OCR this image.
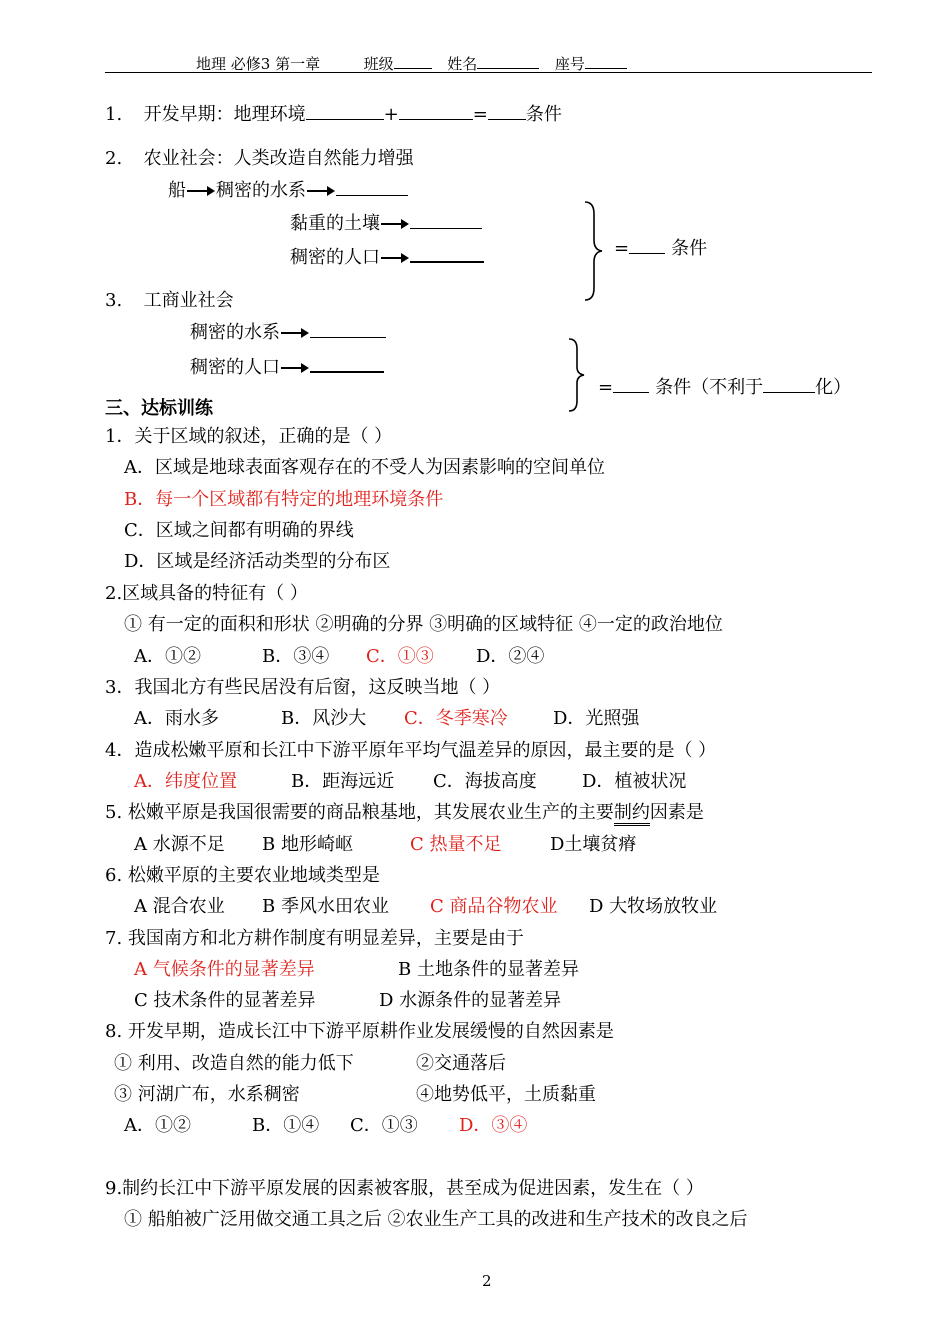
地理 必修3 第一章	班级	姓名	座号
1. 开发早期：地理环境	+	= 条件
2. 农业社会：人类改造自然能力增强
船 稠密的水系
黏重的土壤
稠密的人口	= 条件
3. 工商业社会
稠密的水系
稠密的人口
= 条件（不利于	化）
三、达标训练
1．关于区域的叙述，正确的是（ ）
A．区域是地球表面客观存在的不受人为因素影响的空间单位
B．每一个区域都有特定的地理环境条件
C．区域之间都有明确的界线
D．区域是经济活动类型的分布区
2.区域具备的特征有（ ）
① 有一定的面积和形状 ②明确的分界 ③明确的区域特征 ④一定的政治地位
A．①②	B．③④ C．①③ D．②④
3．我国北方有些民居没有后窗，这反映当地（ ）
A．雨水多	B．风沙大 C．冬季寒冷	D．光照强
4．造成松嫩平原和长江中下游平原年平均气温差异的原因，最主要的是（ ）
A．纬度位置	B．距海远近 C．海拔高度	D．植被状况
5. 松嫩平原是我国很需要的商品粮基地，其发展农业生产的主要制约因素是
A 水源不足 B 地形崎岖	C 热量不足	D土壤贫瘠
6. 松嫩平原的主要农业地域类型是
A 混合农业 B 季风水田农业 C 商品谷物农业 D 大牧场放牧业
7. 我国南方和北方耕作制度有明显差异，主要是由于
A 气候条件的显著差异	B 土地条件的显著差异
C 技术条件的显著差异	D 水源条件的显著差异
8. 开发早期，造成长江中下游平原耕作业发展缓慢的自然因素是
① 利用、改造自然的能力低下	②交通落后
③ 河湖广布，水系稠密	④地势低平，土质黏重
A．①②	B．①④ C．①③ D．③④
9.制约长江中下游平原发展的因素被客服，甚至成为促进因素，发生在（ ）
① 船舶被广泛用做交通工具之后 ②农业生产工具的改进和生产技术的改良之后
2
